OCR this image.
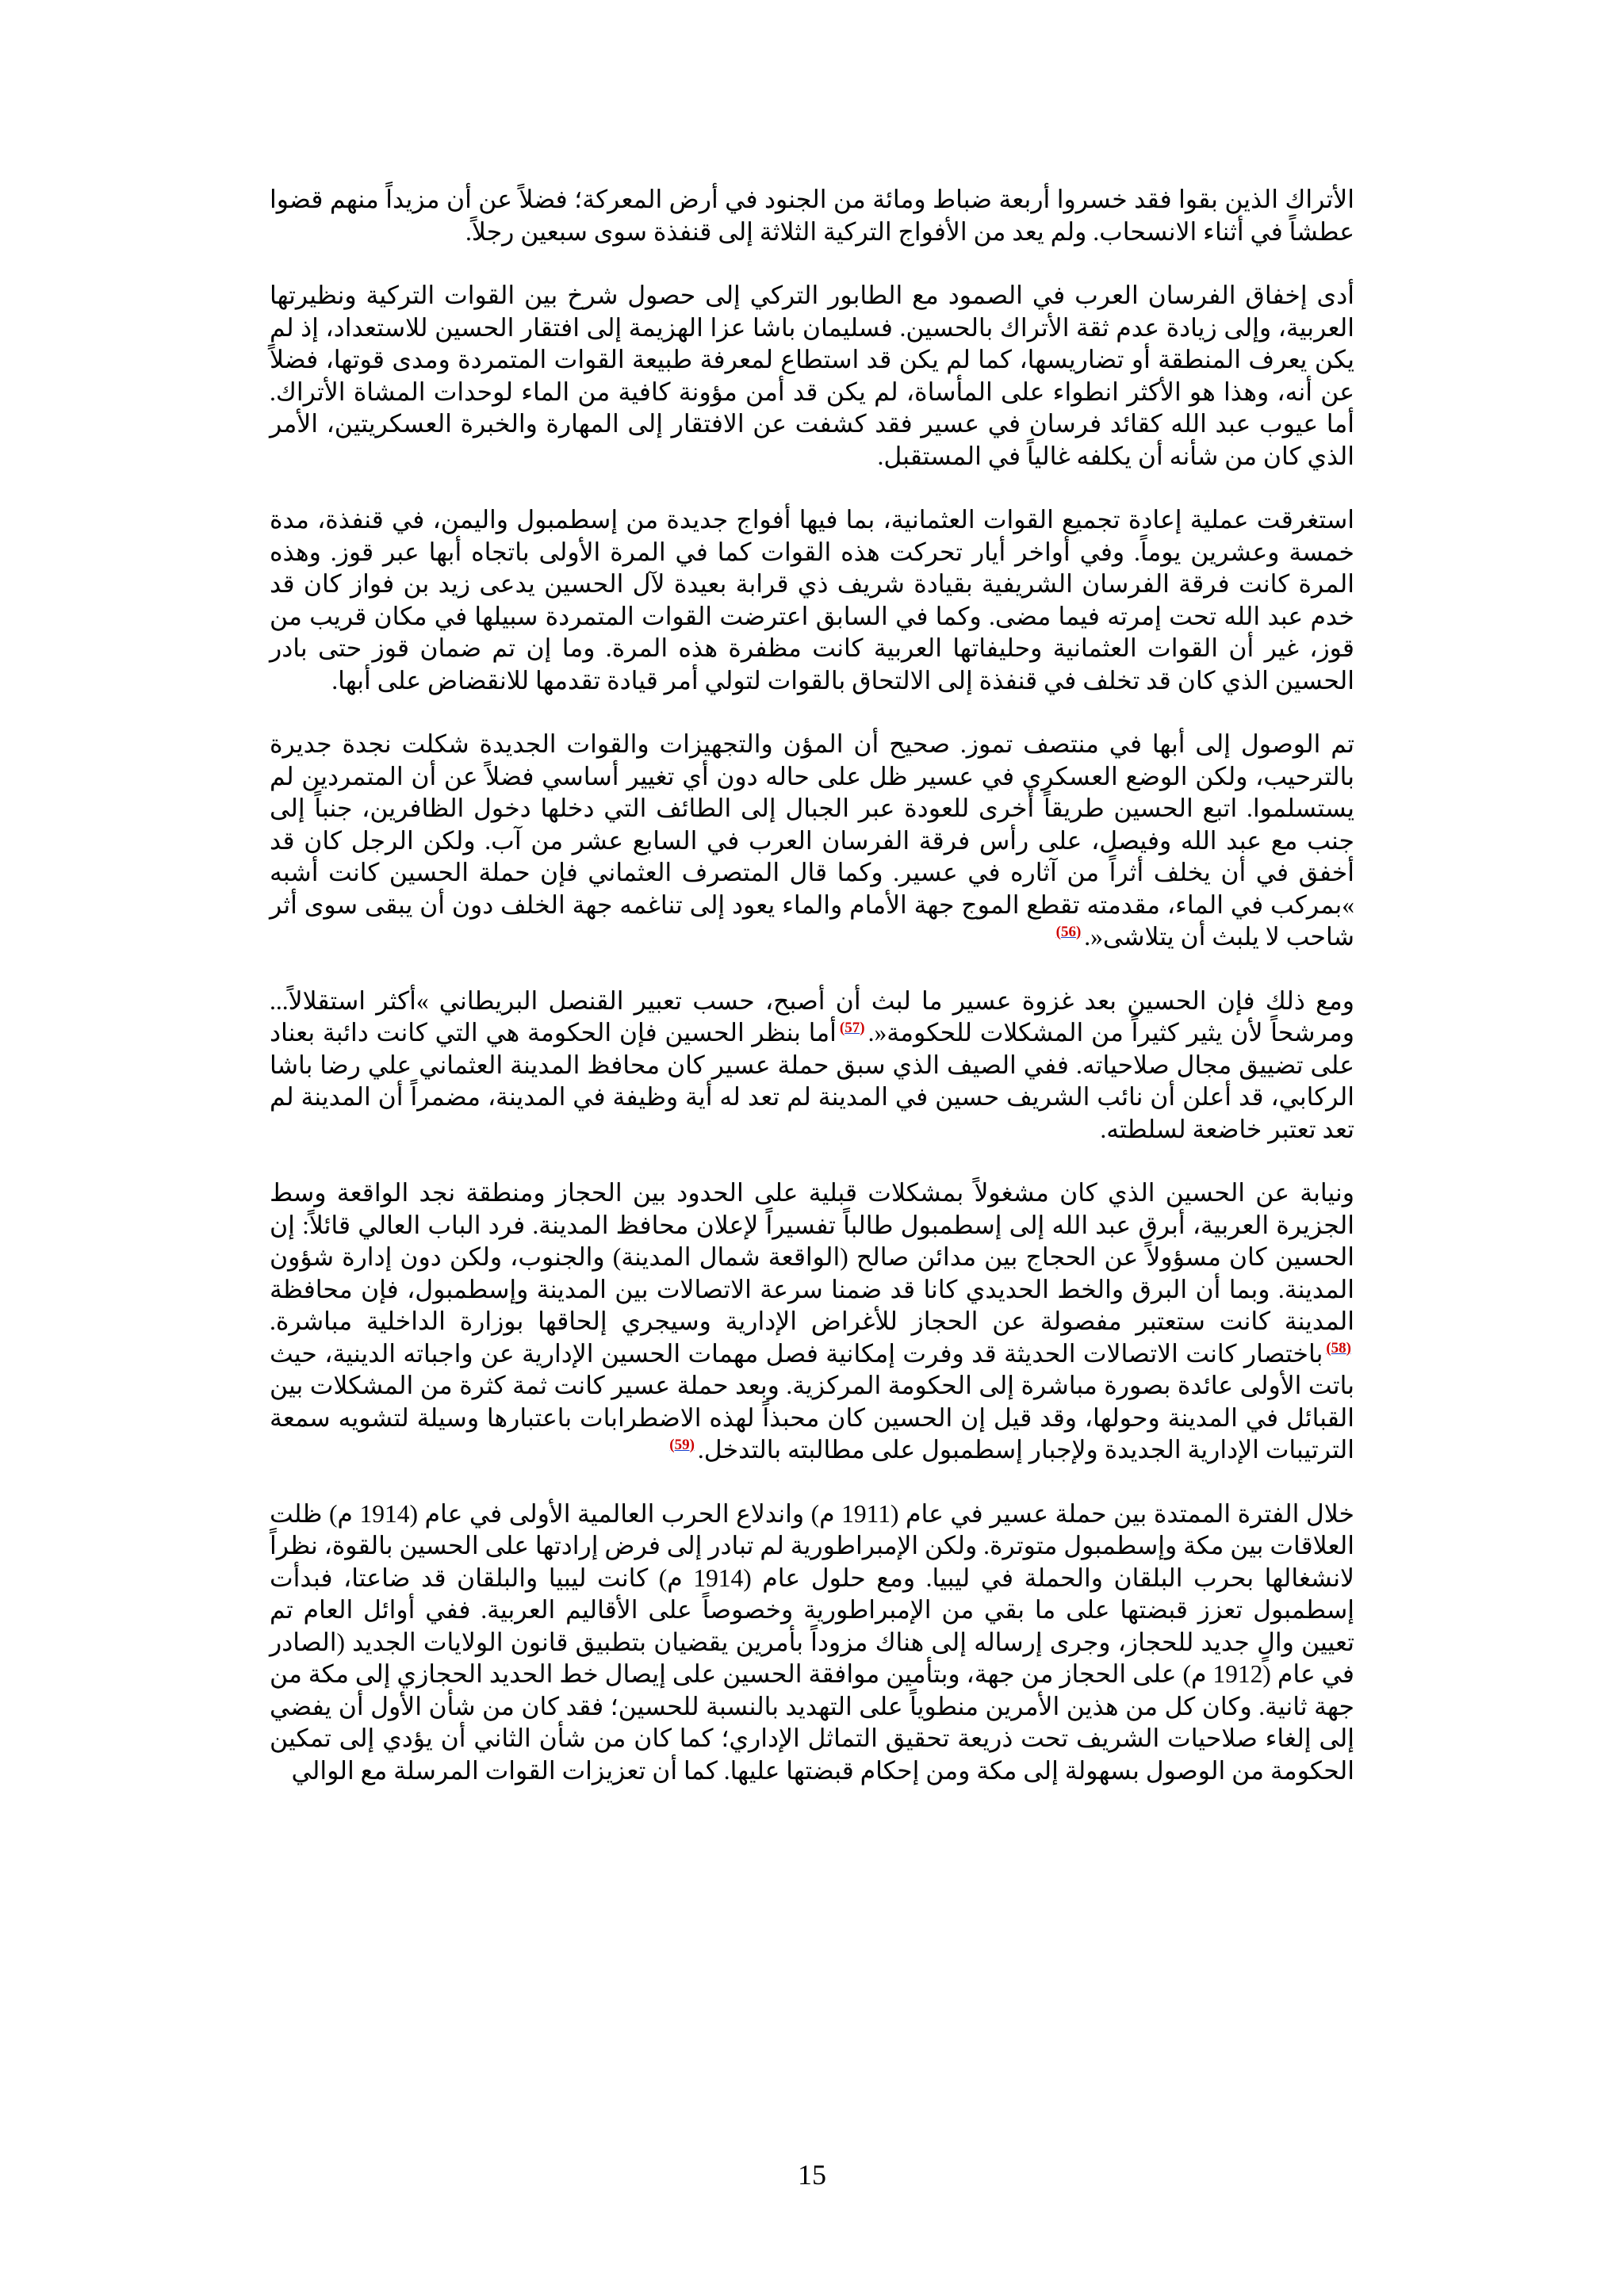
الأتراك الذين بقوا فقد خسروا أربعة ضباط ومائة من الجنود في أرض المعركة؛ فضلاً عن أن مزيداً منهم قضوا عطشاً في أثناء الانسحاب. ولم يعد من الأفواج التركية الثلاثة إلى قنفذة سوى سبعين رجلاً.

أدى إخفاق الفرسان العرب في الصمود مع الطابور التركي إلى حصول شرخ بين القوات التركية ونظيرتها العربية، وإلى زيادة عدم ثقة الأتراك بالحسين. فسليمان باشا عزا الهزيمة إلى افتقار الحسين للاستعداد، إذ لم يكن يعرف المنطقة أو تضاريسها، كما لم يكن قد استطاع لمعرفة طبيعة القوات المتمردة ومدى قوتها، فضلاً عن أنه، وهذا هو الأكثر انطواء على المأساة، لم يكن قد أمن مؤونة كافية من الماء لوحدات المشاة الأتراك. أما عيوب عبد الله كقائد فرسان في عسير فقد كشفت عن الافتقار إلى المهارة والخبرة العسكريتين، الأمر الذي كان من شأنه أن يكلفه غالياً في المستقبل.

استغرقت عملية إعادة تجميع القوات العثمانية، بما فيها أفواج جديدة من إسطمبول واليمن، في قنفذة، مدة خمسة وعشرين يوماً. وفي أواخر أيار تحركت هذه القوات كما في المرة الأولى باتجاه أبها عبر قوز. وهذه المرة كانت فرقة الفرسان الشريفية بقيادة شريف ذي قرابة بعيدة لآل الحسين يدعى زيد بن فواز كان قد خدم عبد الله تحت إمرته فيما مضى. وكما في السابق اعترضت القوات المتمردة سبيلها في مكان قريب من قوز، غير أن القوات العثمانية وحليفاتها العربية كانت مظفرة هذه المرة. وما إن تم ضمان قوز حتى بادر الحسين الذي كان قد تخلف في قنفذة إلى الالتحاق بالقوات لتولي أمر قيادة تقدمها للانقضاض على أبها.

تم الوصول إلى أبها في منتصف تموز. صحيح أن المؤن والتجهيزات والقوات الجديدة شكلت نجدة جديرة بالترحيب، ولكن الوضع العسكري في عسير ظل على حاله دون أي تغيير أساسي فضلاً عن أن المتمردين لم يستسلموا. اتبع الحسين طريقاً أخرى للعودة عبر الجبال إلى الطائف التي دخلها دخول الظافرين، جنباً إلى جنب مع عبد الله وفيصل، على رأس فرقة الفرسان العرب في السابع عشر من آب. ولكن الرجل كان قد أخفق في أن يخلف أثراً من آثاره في عسير. وكما قال المتصرف العثماني فإن حملة الحسين كانت أشبه »بمركب في الماء، مقدمته تقطع الموج جهة الأمام والماء يعود إلى تناغمه جهة الخلف دون أن يبقى سوى أثر شاحب لا يلبث أن يتلاشى«.$^{(56)}$

ومع ذلك فإن الحسين بعد غزوة عسير ما لبث أن أصبح، حسب تعبير القنصل البريطاني »أكثر استقلالاً... ومرشحاً لأن يثير كثيراً من المشكلات للحكومة«.$^{(57)}$أما بنظر الحسين فإن الحكومة هي التي كانت دائبة بعناد على تضييق مجال صلاحياته. ففي الصيف الذي سبق حملة عسير كان محافظ المدينة العثماني علي رضا باشا الركابي، قد أعلن أن نائب الشريف حسين في المدينة لم تعد له أية وظيفة في المدينة، مضمراً أن المدينة لم تعد تعتبر خاضعة لسلطته.

ونيابة عن الحسين الذي كان مشغولاً بمشكلات قبلية على الحدود بين الحجاز ومنطقة نجد الواقعة وسط الجزيرة العربية، أبرق عبد الله إلى إسطمبول طالباً تفسيراً لإعلان محافظ المدينة. فرد الباب العالي قائلاً: إن الحسين كان مسؤولاً عن الحجاج بين مدائن صالح (الواقعة شمال المدينة) والجنوب، ولكن دون إدارة شؤون المدينة. وبما أن البرق والخط الحديدي كانا قد ضمنا سرعة الاتصالات بين المدينة وإسطمبول، فإن محافظة المدينة كانت ستعتبر مفصولة عن الحجاز للأغراض الإدارية وسيجري إلحاقها بوزارة الداخلية مباشرة.$^{(58)}$باختصار كانت الاتصالات الحديثة قد وفرت إمكانية فصل مهمات الحسين الإدارية عن واجباته الدينية، حيث باتت الأولى عائدة بصورة مباشرة إلى الحكومة المركزية. وبعد حملة عسير كانت ثمة كثرة من المشكلات بين القبائل في المدينة وحولها، وقد قيل إن الحسين كان محبذاً لهذه الاضطرابات باعتبارها وسيلة لتشويه سمعة الترتيبات الإدارية الجديدة ولإجبار إسطمبول على مطالبته بالتدخل.$^{(59)}$

خلال الفترة الممتدة بين حملة عسير في عام (1911 م) واندلاع الحرب العالمية الأولى في عام (1914 م) ظلت العلاقات بين مكة وإسطمبول متوترة. ولكن الإمبراطورية لم تبادر إلى فرض إرادتها على الحسين بالقوة، نظراً لانشغالها بحرب البلقان والحملة في ليبيا. ومع حلول عام (1914 م) كانت ليبيا والبلقان قد ضاعتا، فبدأت إسطمبول تعزز قبضتها على ما بقي من الإمبراطورية وخصوصاً على الأقاليم العربية. ففي أوائل العام تم تعيين والٍ جديد للحجاز، وجرى إرساله إلى هناك مزوداً بأمرين يقضيان بتطبيق قانون الولايات الجديد (الصادر في عام (1912 م) على الحجاز من جهة، وبتأمين موافقة الحسين على إيصال خط الحديد الحجازي إلى مكة من جهة ثانية. وكان كل من هذين الأمرين منطوياً على التهديد بالنسبة للحسين؛ فقد كان من شأن الأول أن يفضي إلى إلغاء صلاحيات الشريف تحت ذريعة تحقيق التماثل الإداري؛ كما كان من شأن الثاني أن يؤدي إلى تمكين الحكومة من الوصول بسهولة إلى مكة ومن إحكام قبضتها عليها. كما أن تعزيزات القوات المرسلة مع الوالي

15
